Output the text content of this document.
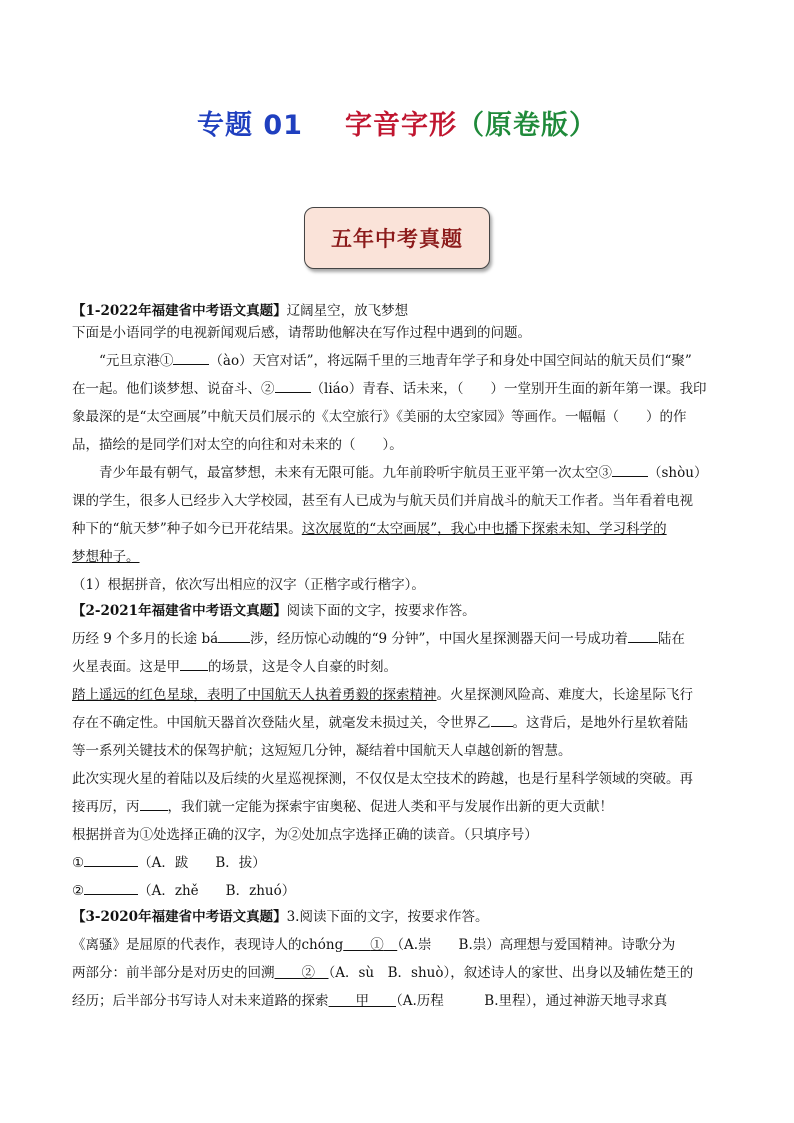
专题 01 字音字形（原卷版）
五年中考真题
【1-2022年福建省中考语文真题】辽阔星空，放飞梦想
下面是小语同学的电视新闻观后感，请帮助他解决在写作过程中遇到的问题。
“元旦京港①	（ào）天宫对话”，将远隔千里的三地青年学子和身处中国空间站的航天员们“聚”
在一起。他们谈梦想、说奋斗、②	（liáo）青春、话未来，（　　）一堂别开生面的新年第一课。我印
象最深的是“太空画展”中航天员们展示的《太空旅行》《美丽的太空家园》等画作。一幅幅（　　）的作
品，描绘的是同学们对太空的向往和对未来的（　　）。
青少年最有朝气，最富梦想，未来有无限可能。九年前聆听宇航员王亚平第一次太空③	（shòu）
课的学生，很多人已经步入大学校园，甚至有人已成为与航天员们并肩战斗的航天工作者。当年看着电视
种下的“航天梦”种子如今已开花结果。这次展览的“太空画展”，我心中也播下探索未知、学习科学的
梦想种子。
（1）根据拼音，依次写出相应的汉字（正楷字或行楷字）。
【2-2021年福建省中考语文真题】阅读下面的文字，按要求作答。
历经 9 个多月的长途 bá 涉，经历惊心动魄的“9 分钟”，中国火星探测器天问一号成功着 陆在
火星表面。这是甲 的场景，这是令人自豪的时刻。
踏上遥远的红色星球，表明了中国航天人执着勇毅的探索精神。火星探测风险高、难度大，长途星际飞行
存在不确定性。中国航天器首次登陆火星，就毫发未损过关，令世界乙 。这背后，是地外行星软着陆
等一系列关键技术的保驾护航；这短短几分钟，凝结着中国航天人卓越创新的智慧。
此次实现火星的着陆以及后续的火星巡视探测，不仅仅是太空技术的跨越，也是行星科学领域的突破。再
接再厉，丙 ，我们就一定能为探索宇宙奥秘、促进人类和平与发展作出新的更大贡献！
根据拼音为①处选择正确的汉字，为②处加点字选择正确的读音。（只填序号）
①	（A．跋　　B．拔）
②	（A．zhě　　B．zhuó）
【3-2020年福建省中考语文真题】3.阅读下面的文字，按要求作答。
《离骚》是屈原的代表作，表现诗人的chóng　　 ①　 （A.崇　　B.祟）高理想与爱国精神。诗歌分为
两部分：前半部分是对历史的回溯　　 ②　 （A．sù　B．shuò），叙述诗人的家世、出身以及辅佐楚王的
经历；后半部分书写诗人对未来道路的探索　　 甲　　 （A.历程　　　B.里程），通过神游天地寻求真
